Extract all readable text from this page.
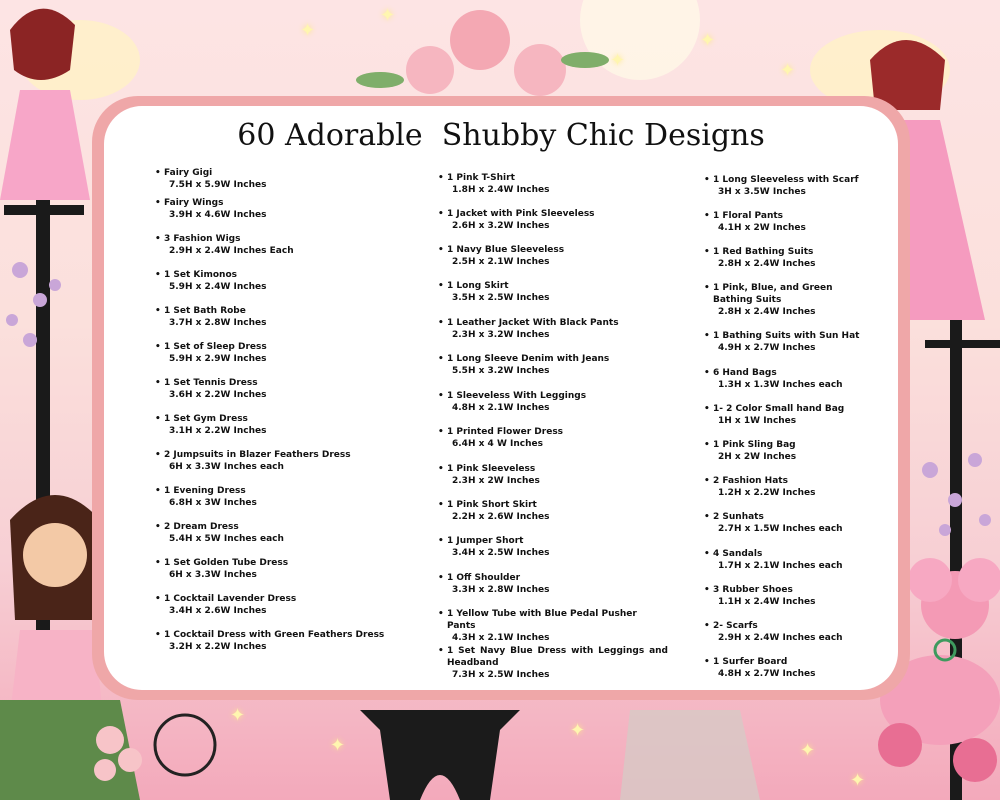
✦
✦
✦
✦
✦
✦
✦
✦
✦
✦
60 Adorable  Shubby Chic Designs
• Fairy Gigi
7.5H x 5.9W Inches
• Fairy Wings
3.9H x 4.6W Inches
• 3 Fashion Wigs
2.9H x 2.4W Inches Each
• 1 Set Kimonos
5.9H x 2.4W Inches
• 1 Set Bath Robe
3.7H x 2.8W Inches
• 1 Set of Sleep Dress
5.9H x 2.9W Inches
• 1 Set Tennis Dress
3.6H x 2.2W Inches
• 1 Set Gym Dress
3.1H x 2.2W Inches
• 2 Jumpsuits in Blazer Feathers Dress
6H x 3.3W Inches each
• 1 Evening Dress
6.8H x 3W Inches
• 2 Dream Dress
5.4H x 5W Inches each
• 1 Set Golden Tube Dress
6H x 3.3W Inches
• 1 Cocktail Lavender Dress
3.4H x 2.6W Inches
• 1 Cocktail Dress with Green Feathers Dress
3.2H x 2.2W Inches
• 1 Pink T-Shirt
1.8H x 2.4W Inches
• 1 Jacket with Pink Sleeveless
2.6H x 3.2W Inches
• 1 Navy Blue Sleeveless
2.5H x 2.1W Inches
• 1 Long Skirt
3.5H x 2.5W Inches
• 1 Leather Jacket With Black Pants
2.3H x 3.2W Inches
• 1 Long Sleeve Denim with Jeans
5.5H x 3.2W Inches
• 1 Sleeveless With Leggings
4.8H x 2.1W Inches
• 1 Printed Flower Dress
6.4H x 4 W Inches
• 1 Pink Sleeveless
2.3H x 2W Inches
• 1 Pink Short Skirt
2.2H x 2.6W Inches
• 1 Jumper Short
3.4H x 2.5W Inches
• 1 Off Shoulder
3.3H x 2.8W Inches
• 1 Yellow Tube with Blue Pedal Pusher Pants
4.3H x 2.1W Inches
• 1 Set Navy Blue Dress with Leggings and Headband
7.3H x 2.5W Inches
• 1 Long Sleeveless with Scarf
3H x 3.5W Inches
• 1 Floral Pants
4.1H x 2W Inches
• 1 Red Bathing Suits
2.8H x 2.4W Inches
• 1 Pink, Blue, and Green Bathing Suits
2.8H x 2.4W Inches
• 1 Bathing Suits with Sun Hat
4.9H x 2.7W Inches
• 6 Hand Bags
1.3H x 1.3W Inches each
• 1- 2 Color Small hand Bag
1H x 1W Inches
• 1 Pink Sling Bag
2H x 2W Inches
• 2 Fashion Hats
1.2H x 2.2W Inches
• 2 Sunhats
2.7H x 1.5W Inches each
• 4 Sandals
1.7H x 2.1W Inches each
• 3 Rubber Shoes
1.1H x 2.4W Inches
• 2- Scarfs
2.9H x 2.4W Inches each
• 1 Surfer Board
4.8H x 2.7W Inches
